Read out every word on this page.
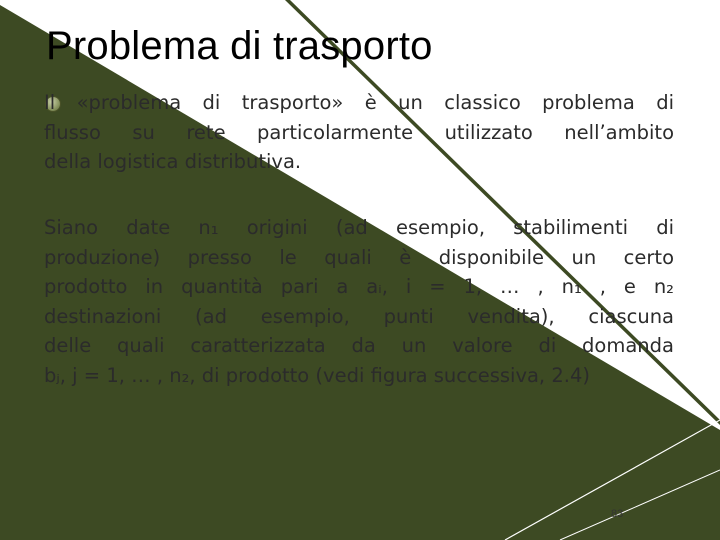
Problema di trasporto
Il «problema di trasporto» è un classico problema di
flusso su rete particolarmente utilizzato nell’ambito
della logistica distributiva.
Siano date n₁ origini (ad esempio, stabilimenti di
produzione) presso le quali è disponibile un certo
prodotto in quantità pari a aᵢ, i = 1, … , n₁ , e n₂
destinazioni (ad esempio, punti vendita), ciascuna
delle quali caratterizzata da un valore di domanda
bⱼ, j = 1, … , n₂, di prodotto (vedi figura successiva, 2.4)
83
